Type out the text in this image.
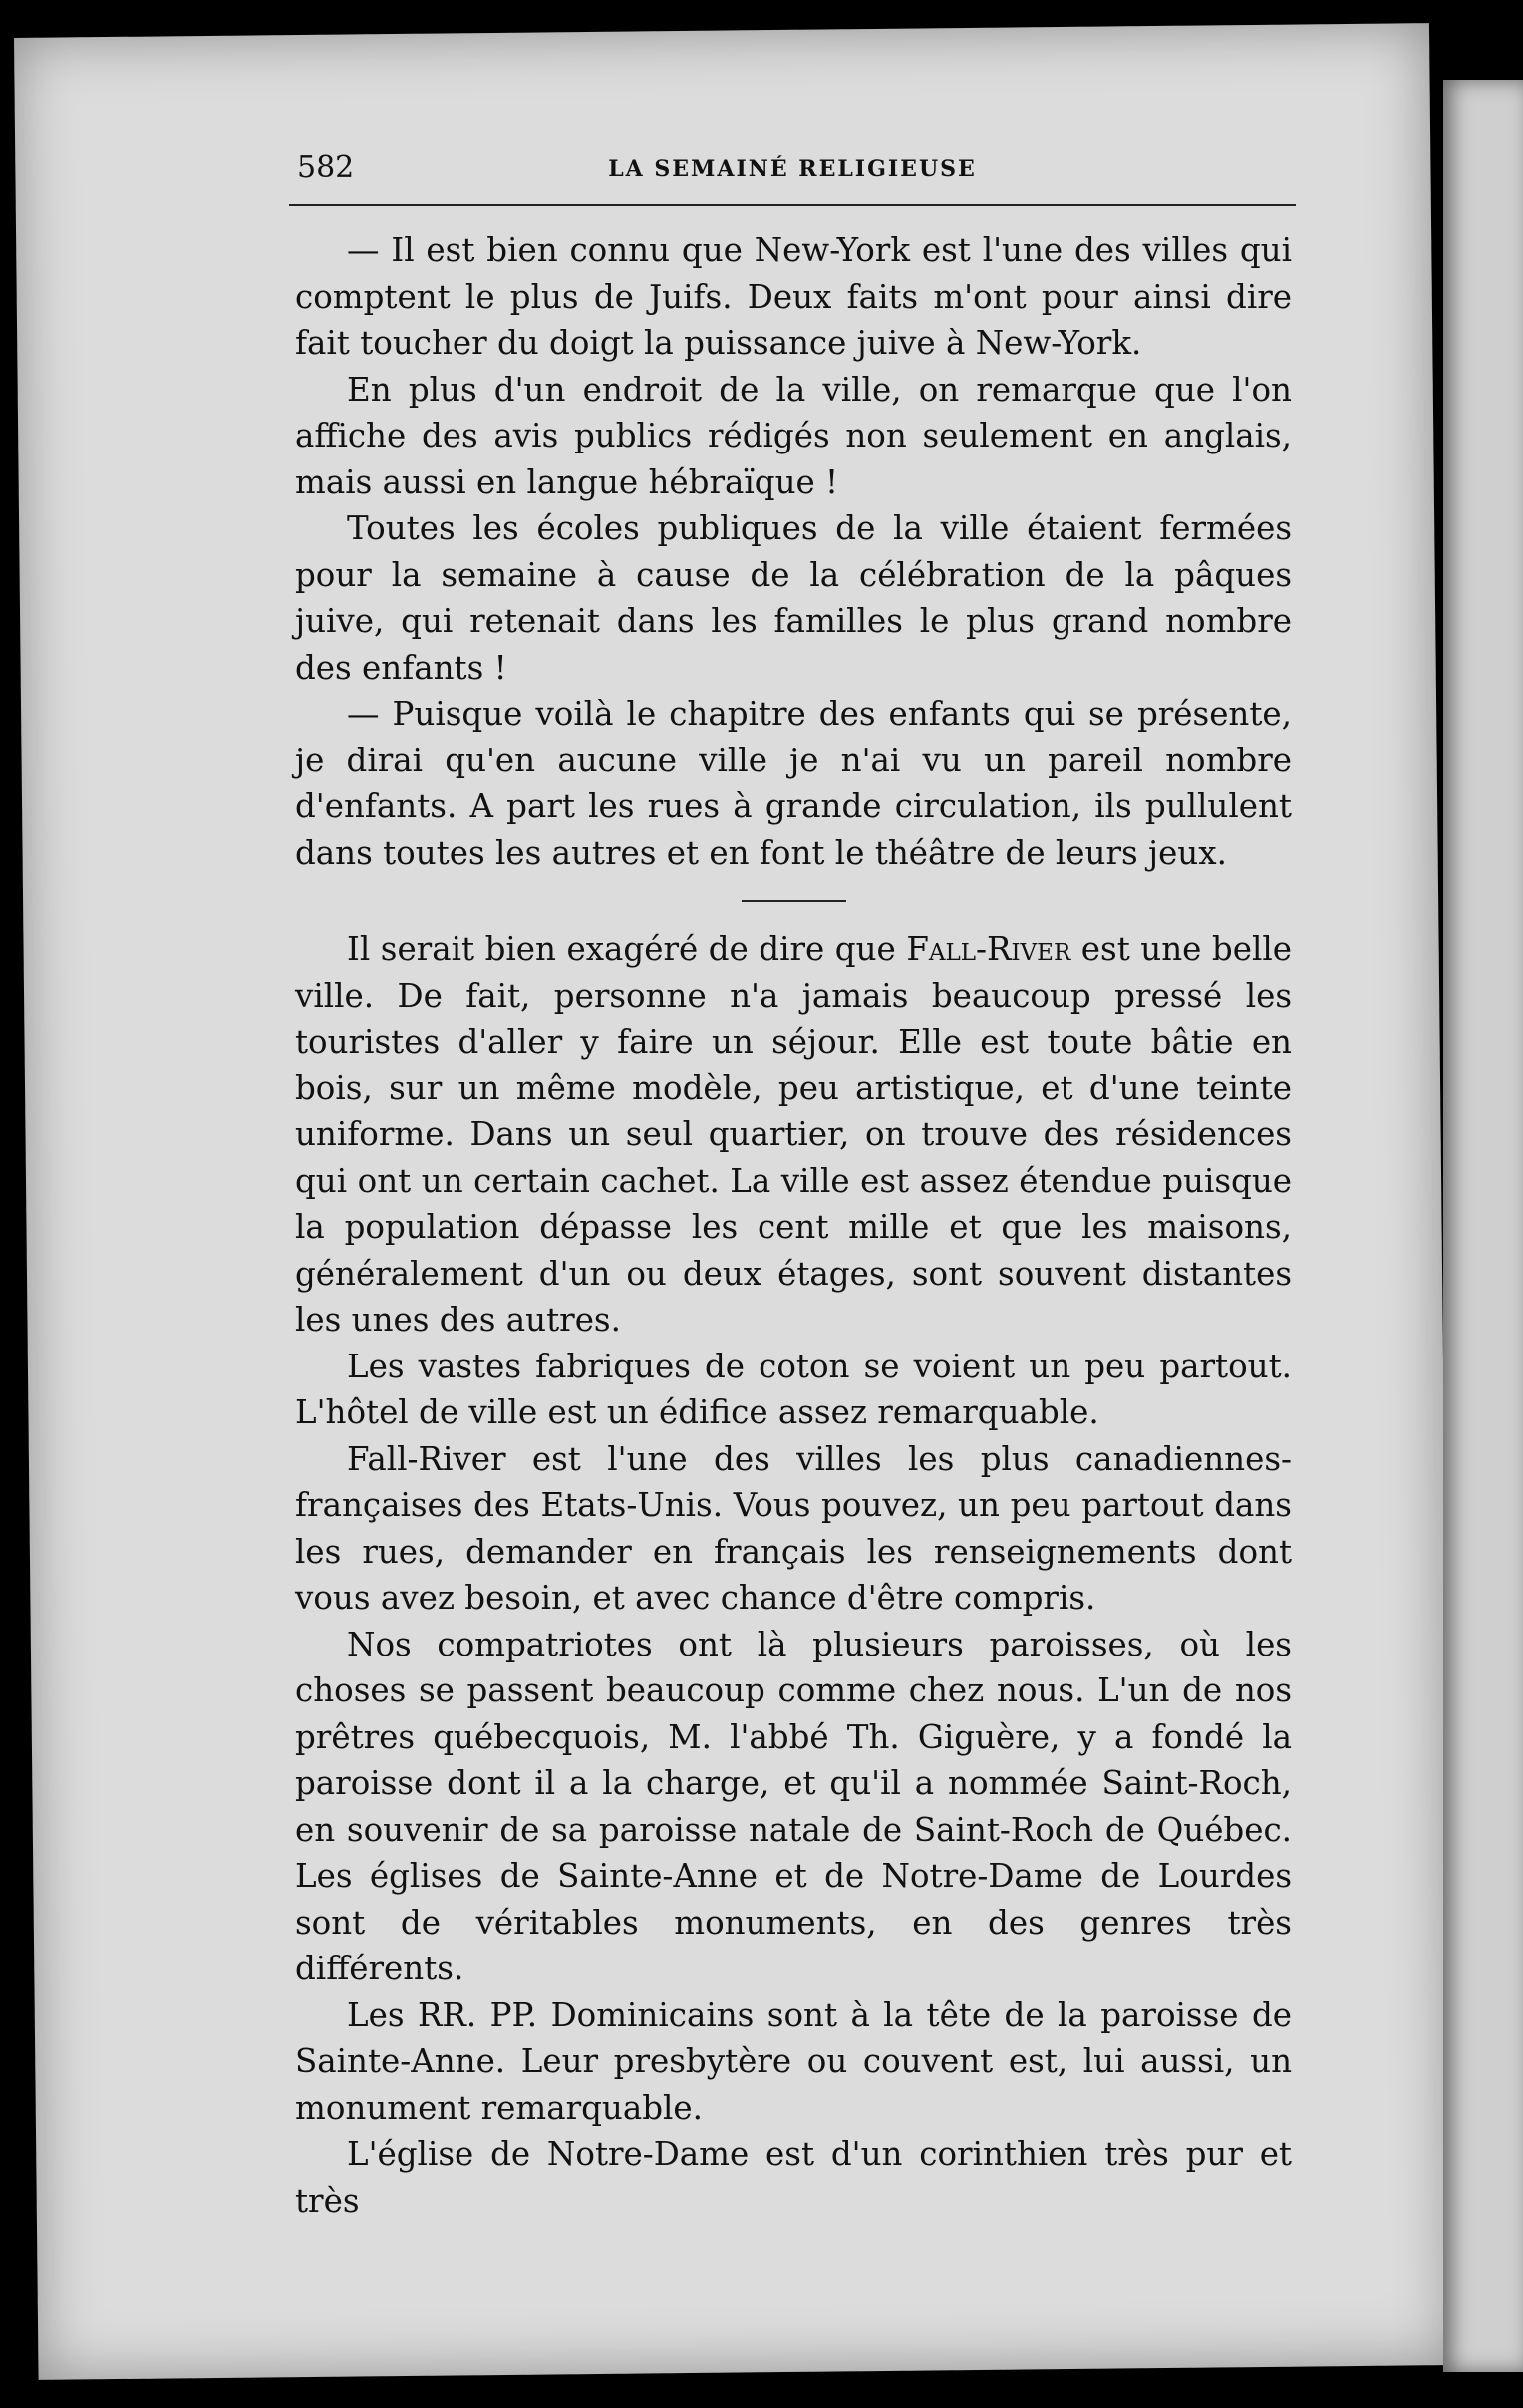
582	LA SEMAINÉ RELIGIEUSE

— Il est bien connu que New-York est l'une des villes qui comptent le plus de Juifs. Deux faits m'ont pour ainsi dire fait toucher du doigt la puissance juive à New-York.

En plus d'un endroit de la ville, on remarque que l'on affiche des avis publics rédigés non seulement en anglais, mais aussi en langue hébraïque !

Toutes les écoles publiques de la ville étaient fermées pour la semaine à cause de la célébration de la pâques juive, qui retenait dans les familles le plus grand nombre des enfants !

— Puisque voilà le chapitre des enfants qui se présente, je dirai qu'en aucune ville je n'ai vu un pareil nombre d'enfants. A part les rues à grande circulation, ils pullulent dans toutes les autres et en font le théâtre de leurs jeux.

Il serait bien exagéré de dire que Fall-River est une belle ville. De fait, personne n'a jamais beaucoup pressé les touristes d'aller y faire un séjour. Elle est toute bâtie en bois, sur un même modèle, peu artistique, et d'une teinte uniforme. Dans un seul quartier, on trouve des résidences qui ont un certain cachet. La ville est assez étendue puisque la population dépasse les cent mille et que les maisons, généralement d'un ou deux étages, sont souvent distantes les unes des autres.

Les vastes fabriques de coton se voient un peu partout. L'hôtel de ville est un édifice assez remarquable.

Fall-River est l'une des villes les plus canadiennes-françaises des Etats-Unis. Vous pouvez, un peu partout dans les rues, demander en français les renseignements dont vous avez besoin, et avec chance d'être compris.

Nos compatriotes ont là plusieurs paroisses, où les choses se passent beaucoup comme chez nous. L'un de nos prêtres québecquois, M. l'abbé Th. Giguère, y a fondé la paroisse dont il a la charge, et qu'il a nommée Saint-Roch, en souvenir de sa paroisse natale de Saint-Roch de Québec. Les églises de Sainte-Anne et de Notre-Dame de Lourdes sont de véritables monuments, en des genres très différents.

Les RR. PP. Dominicains sont à la tête de la paroisse de Sainte-Anne. Leur presbytère ou couvent est, lui aussi, un monument remarquable.

L'église de Notre-Dame est d'un corinthien très pur et très
